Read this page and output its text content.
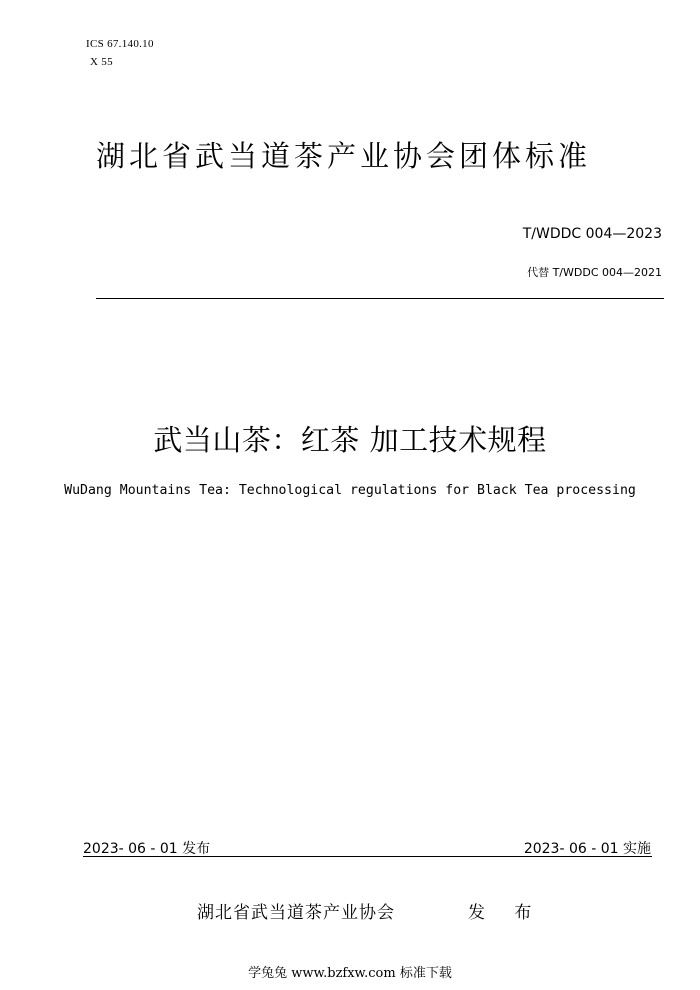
ICS 67.140.10
X 55
湖北省武当道茶产业协会团体标准
T/WDDC 004—2023
代替 T/WDDC 004—2021
武当山茶：红茶 加工技术规程
WuDang Mountains Tea: Technological regulations for Black Tea processing
2023- 06 - 01 发布	2023- 06 - 01 实施
湖北省武当道茶产业协会	发 布
学兔兔 www.bzfxw.com 标准下载
